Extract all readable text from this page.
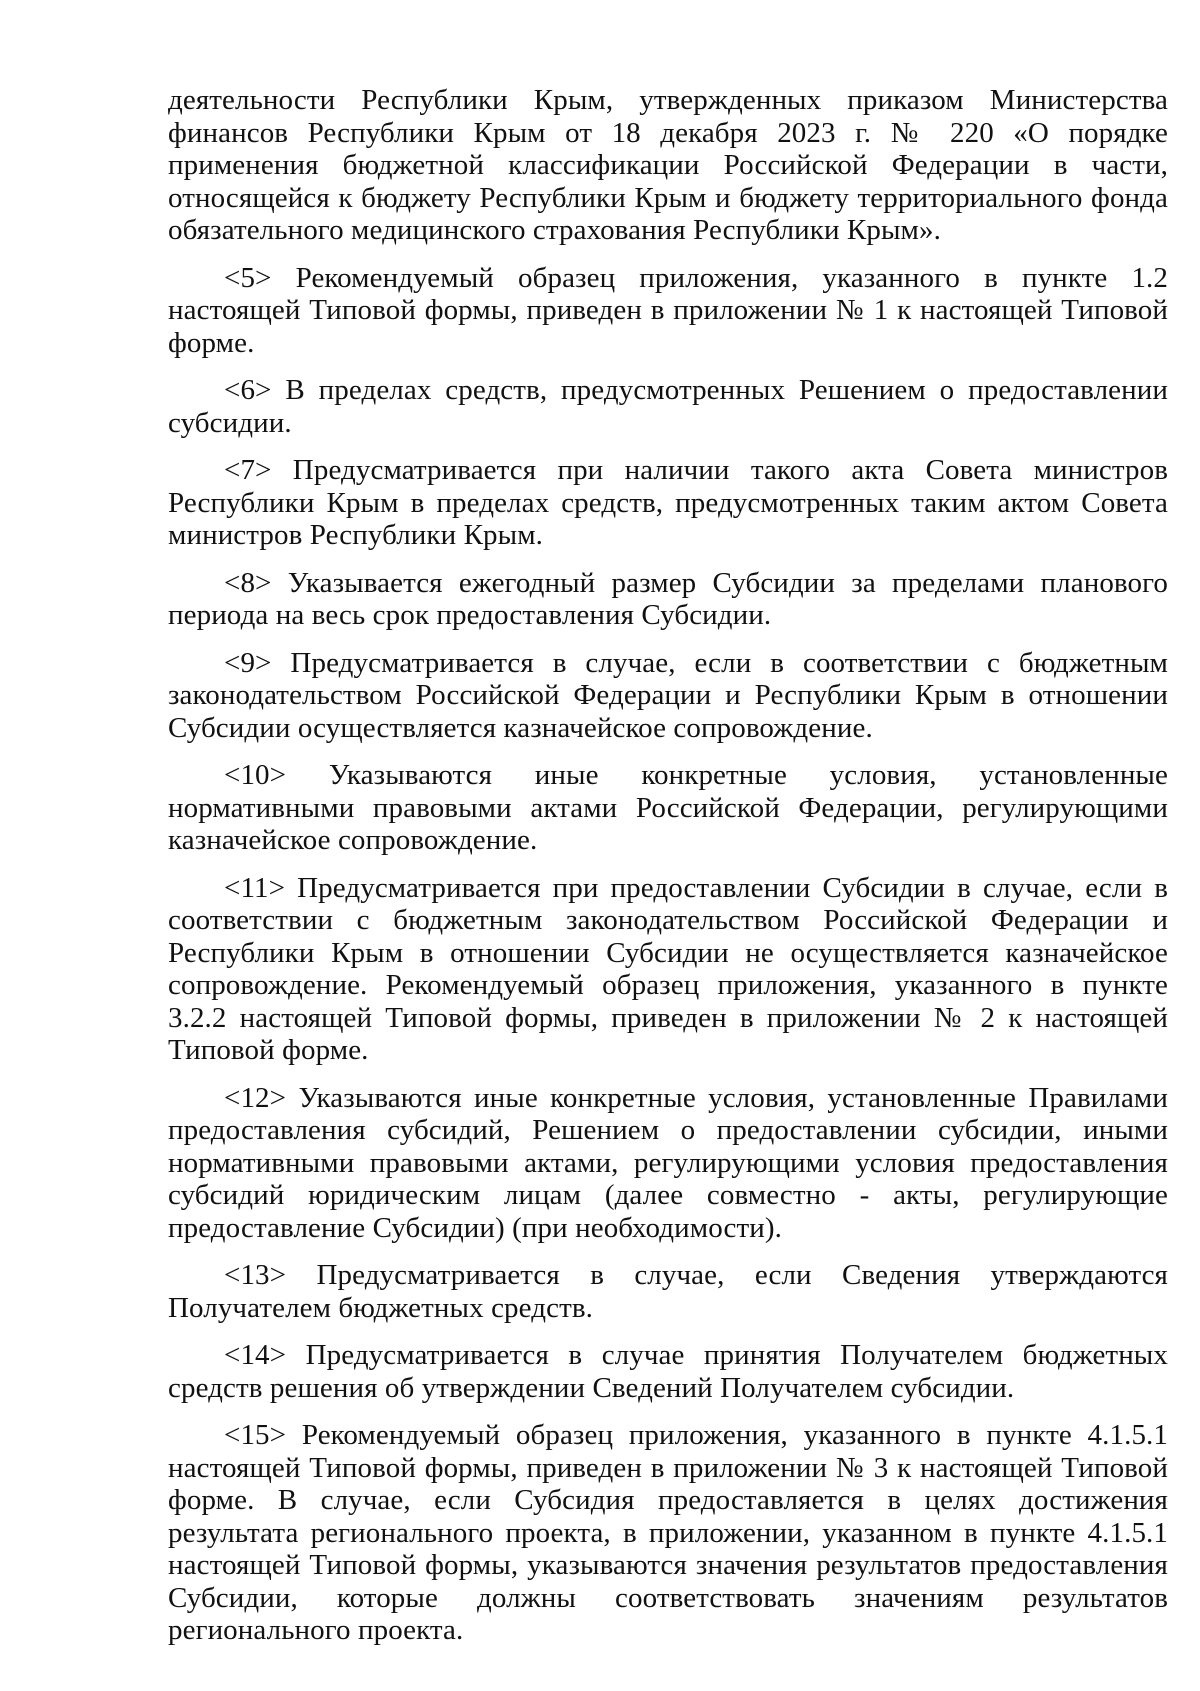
деятельности Республики Крым, утвержденных приказом Министерства финансов Республики Крым от 18 декабря 2023 г. № 220 «О порядке применения бюджетной классификации Российской Федерации в части, относящейся к бюджету Республики Крым и бюджету территориального фонда обязательного медицинского страхования Республики Крым».

<5> Рекомендуемый образец приложения, указанного в пункте 1.2 настоящей Типовой формы, приведен в приложении № 1 к настоящей Типовой форме.

<6> В пределах средств, предусмотренных Решением о предоставлении субсидии.

<7> Предусматривается при наличии такого акта Совета министров Республики Крым в пределах средств, предусмотренных таким актом Совета министров Республики Крым.

<8> Указывается ежегодный размер Субсидии за пределами планового периода на весь срок предоставления Субсидии.

<9> Предусматривается в случае, если в соответствии с бюджетным законодательством Российской Федерации и Республики Крым в отношении Субсидии осуществляется казначейское сопровождение.

<10> Указываются иные конкретные условия, установленные нормативными правовыми актами Российской Федерации, регулирующими казначейское сопровождение.

<11> Предусматривается при предоставлении Субсидии в случае, если в соответствии с бюджетным законодательством Российской Федерации и Республики Крым в отношении Субсидии не осуществляется казначейское сопровождение. Рекомендуемый образец приложения, указанного в пункте 3.2.2 настоящей Типовой формы, приведен в приложении № 2 к настоящей Типовой форме.

<12> Указываются иные конкретные условия, установленные Правилами предоставления субсидий, Решением о предоставлении субсидии, иными нормативными правовыми актами, регулирующими условия предоставления субсидий юридическим лицам (далее совместно - акты, регулирующие предоставление Субсидии) (при необходимости).

<13> Предусматривается в случае, если Сведения утверждаются Получателем бюджетных средств.

<14> Предусматривается в случае принятия Получателем бюджетных средств решения об утверждении Сведений Получателем субсидии.

<15> Рекомендуемый образец приложения, указанного в пункте 4.1.5.1 настоящей Типовой формы, приведен в приложении № 3 к настоящей Типовой форме. В случае, если Субсидия предоставляется в целях достижения результата регионального проекта, в приложении, указанном в пункте 4.1.5.1 настоящей Типовой формы, указываются значения результатов предоставления Субсидии, которые должны соответствовать значениям результатов регионального проекта.
